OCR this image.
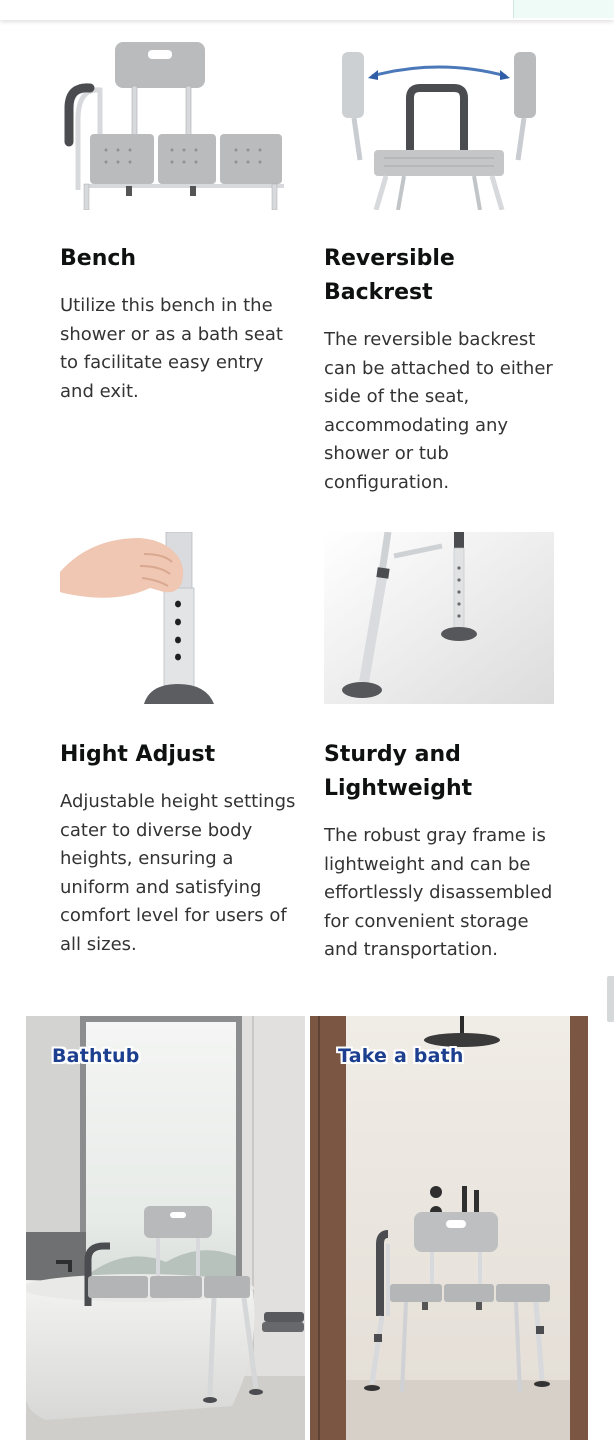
Bench
Utilize this bench in the shower or as a bath seat to facilitate easy entry and exit.
Reversible Backrest
The reversible backrest can be attached to either side of the seat, accommodating any shower or tub configuration.
Hight Adjust
Adjustable height settings cater to diverse body heights, ensuring a uniform and satisfying comfort level for users of all sizes.
Sturdy and Lightweight
The robust gray frame is lightweight and can be effortlessly disassembled for convenient storage and transportation.
Bathtub	Take a bath
